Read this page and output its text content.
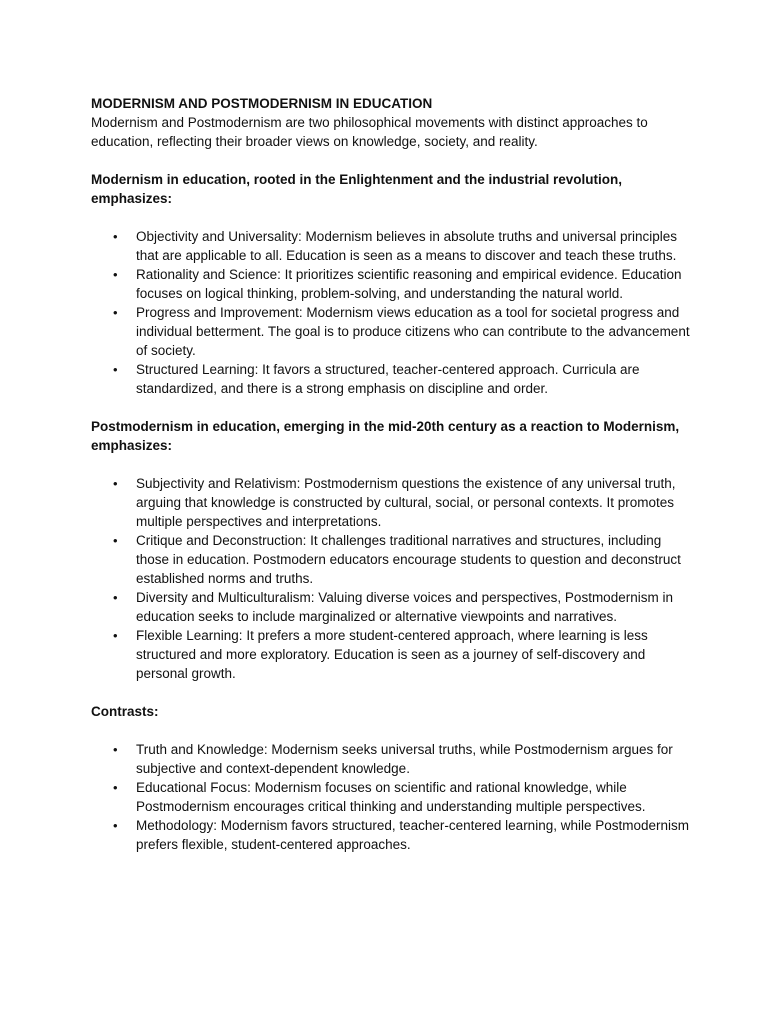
MODERNISM AND POSTMODERNISM IN EDUCATION

Modernism and Postmodernism are two philosophical movements with distinct approaches to education, reflecting their broader views on knowledge, society, and reality.

Modernism in education, rooted in the Enlightenment and the industrial revolution, emphasizes:

• Objectivity and Universality: Modernism believes in absolute truths and universal principles that are applicable to all. Education is seen as a means to discover and teach these truths.
• Rationality and Science: It prioritizes scientific reasoning and empirical evidence. Education focuses on logical thinking, problem-solving, and understanding the natural world.
• Progress and Improvement: Modernism views education as a tool for societal progress and individual betterment. The goal is to produce citizens who can contribute to the advancement of society.
• Structured Learning: It favors a structured, teacher-centered approach. Curricula are standardized, and there is a strong emphasis on discipline and order.

Postmodernism in education, emerging in the mid-20th century as a reaction to Modernism, emphasizes:

• Subjectivity and Relativism: Postmodernism questions the existence of any universal truth, arguing that knowledge is constructed by cultural, social, or personal contexts. It promotes multiple perspectives and interpretations.
• Critique and Deconstruction: It challenges traditional narratives and structures, including those in education. Postmodern educators encourage students to question and deconstruct established norms and truths.
• Diversity and Multiculturalism: Valuing diverse voices and perspectives, Postmodernism in education seeks to include marginalized or alternative viewpoints and narratives.
• Flexible Learning: It prefers a more student-centered approach, where learning is less structured and more exploratory. Education is seen as a journey of self-discovery and personal growth.

Contrasts:

• Truth and Knowledge: Modernism seeks universal truths, while Postmodernism argues for subjective and context-dependent knowledge.
• Educational Focus: Modernism focuses on scientific and rational knowledge, while Postmodernism encourages critical thinking and understanding multiple perspectives.
• Methodology: Modernism favors structured, teacher-centered learning, while Postmodernism prefers flexible, student-centered approaches.
